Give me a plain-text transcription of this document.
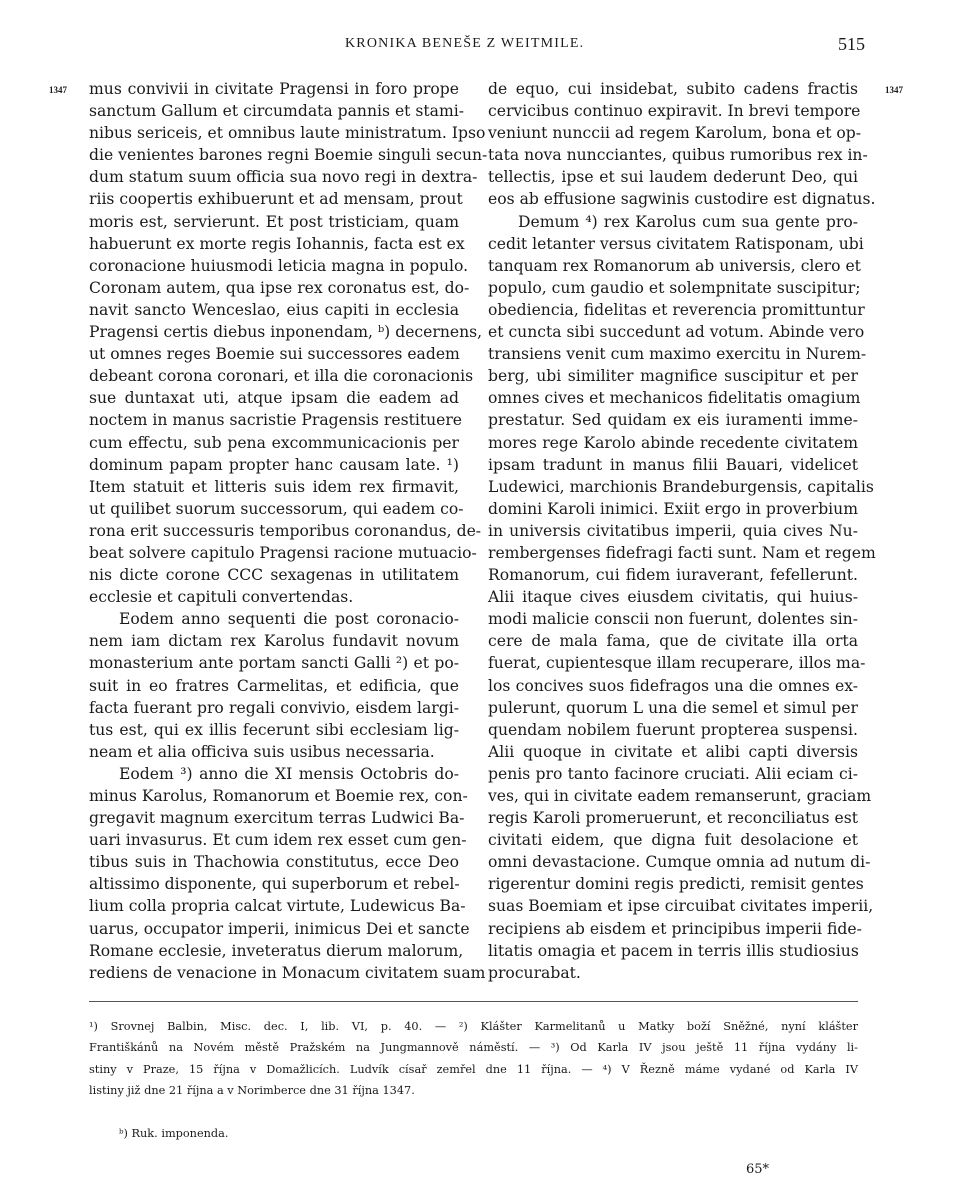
KRONIKA BENEŠE Z WEITMILE.	515
1347	1347
mus convivii in civitate Pragensi in foro prope
sanctum Gallum et circumdata pannis et stami-
nibus sericeis, et omnibus laute ministratum. Ipso
die venientes barones regni Boemie singuli secun-
dum statum suum officia sua novo regi in dextra-
riis coopertis exhibuerunt et ad mensam, prout
moris est, servierunt. Et post tristiciam, quam
habuerunt ex morte regis Iohannis, facta est ex
coronacione huiusmodi leticia magna in populo.
Coronam autem, qua ipse rex coronatus est, do-
navit sancto Wenceslao, eius capiti in ecclesia
Pragensi certis diebus inponendam, ᵇ) decernens,
ut omnes reges Boemie sui successores eadem
debeant corona coronari, et illa die coronacionis
sue duntaxat uti, atque ipsam die eadem ad
noctem in manus sacristie Pragensis restituere
cum effectu, sub pena excommunicacionis per
dominum papam propter hanc causam late. ¹)
Item statuit et litteris suis idem rex firmavit,
ut quilibet suorum successorum, qui eadem co-
rona erit successuris temporibus coronandus, de-
beat solvere capitulo Pragensi racione mutuacio-
nis dicte corone CCC sexagenas in utilitatem
ecclesie et capituli convertendas.
Eodem anno sequenti die post coronacio-
nem iam dictam rex Karolus fundavit novum
monasterium ante portam sancti Galli ²) et po-
suit in eo fratres Carmelitas, et edificia, que
facta fuerant pro regali convivio, eisdem largi-
tus est, qui ex illis fecerunt sibi ecclesiam lig-
neam et alia officiva suis usibus necessaria.
Eodem ³) anno die XI mensis Octobris do-
minus Karolus, Romanorum et Boemie rex, con-
gregavit magnum exercitum terras Ludwici Ba-
uari invasurus. Et cum idem rex esset cum gen-
tibus suis in Thachowia constitutus, ecce Deo
altissimo disponente, qui superborum et rebel-
lium colla propria calcat virtute, Ludewicus Ba-
uarus, occupator imperii, inimicus Dei et sancte
Romane ecclesie, inveteratus dierum malorum,
rediens de venacione in Monacum civitatem suam
de equo, cui insidebat, subito cadens fractis
cervicibus continuo expiravit. In brevi tempore
veniunt nunccii ad regem Karolum, bona et op-
tata nova nuncciantes, quibus rumoribus rex in-
tellectis, ipse et sui laudem dederunt Deo, qui
eos ab effusione sagwinis custodire est dignatus.
Demum ⁴) rex Karolus cum sua gente pro-
cedit letanter versus civitatem Ratisponam, ubi
tanquam rex Romanorum ab universis, clero et
populo, cum gaudio et solempnitate suscipitur;
obediencia, fidelitas et reverencia promittuntur
et cuncta sibi succedunt ad votum. Abinde vero
transiens venit cum maximo exercitu in Nurem-
berg, ubi similiter magnifice suscipitur et per
omnes cives et mechanicos fidelitatis omagium
prestatur. Sed quidam ex eis iuramenti imme-
mores rege Karolo abinde recedente civitatem
ipsam tradunt in manus filii Bauari, videlicet
Ludewici, marchionis Brandeburgensis, capitalis
domini Karoli inimici. Exiit ergo in proverbium
in universis civitatibus imperii, quia cives Nu-
rembergenses fidefragi facti sunt. Nam et regem
Romanorum, cui fidem iuraverant, fefellerunt.
Alii itaque cives eiusdem civitatis, qui huius-
modi malicie conscii non fuerunt, dolentes sin-
cere de mala fama, que de civitate illa orta
fuerat, cupientesque illam recuperare, illos ma-
los concives suos fidefragos una die omnes ex-
pulerunt, quorum L una die semel et simul per
quendam nobilem fuerunt propterea suspensi.
Alii quoque in civitate et alibi capti diversis
penis pro tanto facinore cruciati. Alii eciam ci-
ves, qui in civitate eadem remanserunt, graciam
regis Karoli promeruerunt, et reconciliatus est
civitati eidem, que digna fuit desolacione et
omni devastacione. Cumque omnia ad nutum di-
rigerentur domini regis predicti, remisit gentes
suas Boemiam et ipse circuibat civitates imperii,
recipiens ab eisdem et principibus imperii fide-
litatis omagia et pacem in terris illis studiosius
procurabat.
¹) Srovnej Balbin, Misc. dec. I, lib. VI, p. 40. — ²) Klášter Karmelitanů u Matky boží Sněžné, nyní klášter
Františkánů na Novém městě Pražském na Jungmannově náměstí. — ³) Od Karla IV jsou ještě 11 října vydány li-
stiny v Praze, 15 října v Domažlicích. Ludvík císař zemřel dne 11 října. — ⁴) V Řezně máme vydané od Karla IV
listiny již dne 21 října a v Norimberce dne 31 října 1347.
ᵇ) Ruk. imponenda.
65*
